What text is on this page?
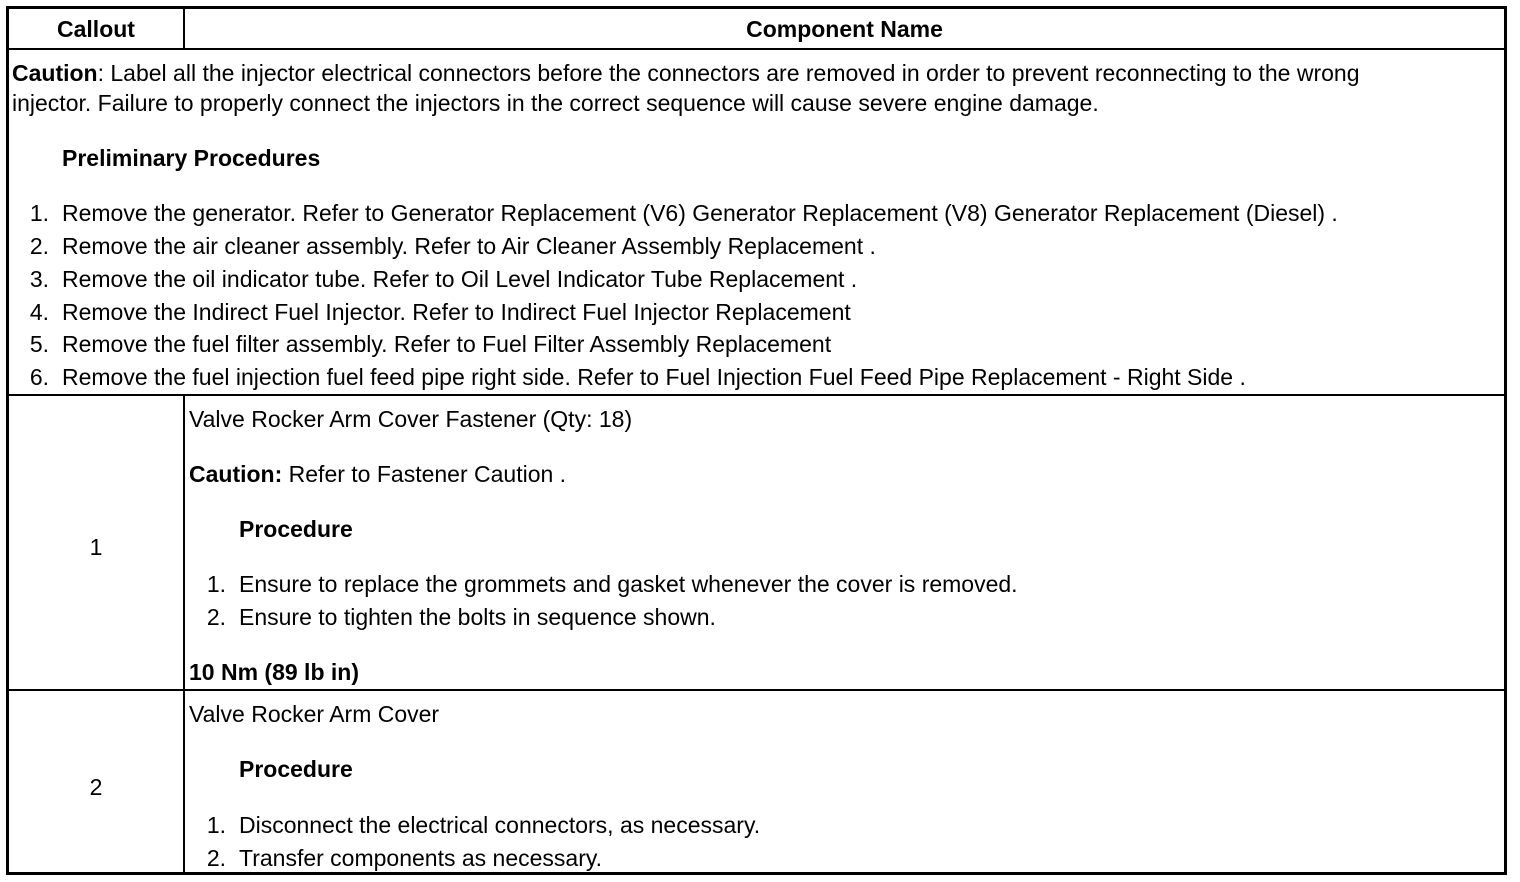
Callout	Component Name
Caution: Label all the injector electrical connectors before the connectors are removed in order to prevent reconnecting to the wrong
injector. Failure to properly connect the injectors in the correct sequence will cause severe engine damage.
Preliminary Procedures
1. Remove the generator. Refer to Generator Replacement (V6) Generator Replacement (V8) Generator Replacement (Diesel) .
2. Remove the air cleaner assembly. Refer to Air Cleaner Assembly Replacement .
3. Remove the oil indicator tube. Refer to Oil Level Indicator Tube Replacement .
4. Remove the Indirect Fuel Injector. Refer to Indirect Fuel Injector Replacement
5. Remove the fuel filter assembly. Refer to Fuel Filter Assembly Replacement
6. Remove the fuel injection fuel feed pipe right side. Refer to Fuel Injection Fuel Feed Pipe Replacement - Right Side .
1
Valve Rocker Arm Cover Fastener (Qty: 18)
Caution: Refer to Fastener Caution .
Procedure
1. Ensure to replace the grommets and gasket whenever the cover is removed.
2. Ensure to tighten the bolts in sequence shown.
10 Nm (89 lb in)
2
Valve Rocker Arm Cover
Procedure
1. Disconnect the electrical connectors, as necessary.
2. Transfer components as necessary.
